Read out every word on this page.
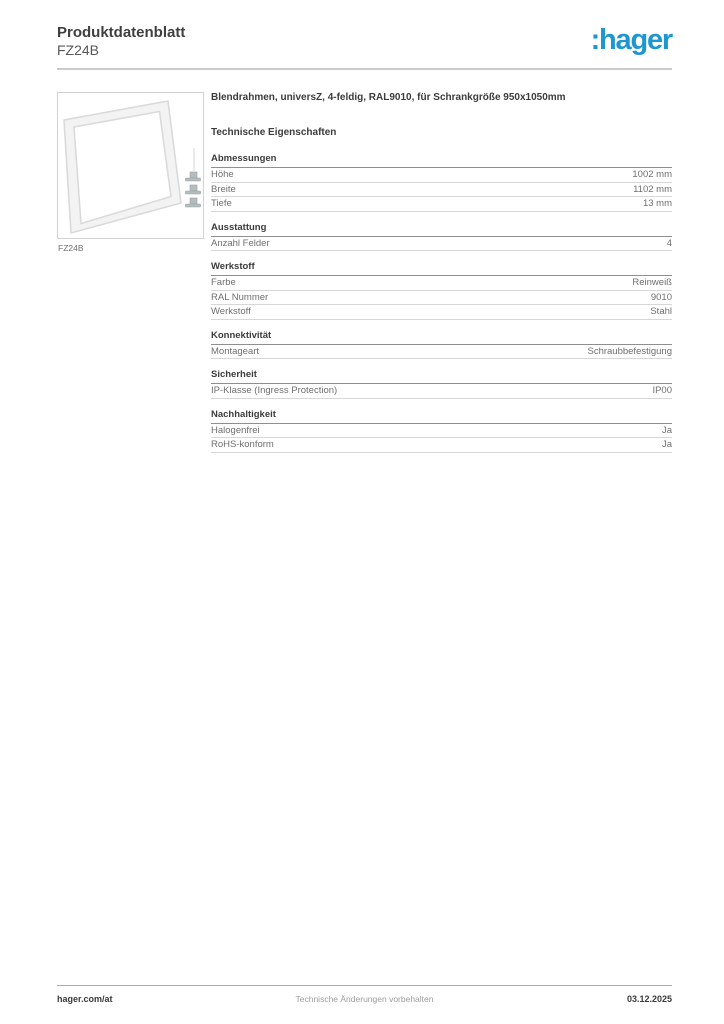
Produktdatenblatt
FZ24B	:hager
FZ24B
Blendrahmen, universZ, 4-feldig, RAL9010, für Schrankgröße 950x1050mm
Technische Eigenschaften
Abmessungen
Höhe	1002 mm
Breite	1102 mm
Tiefe	13 mm
Ausstattung
Anzahl Felder	4
Werkstoff
Farbe	Reinweiß
RAL Nummer	9010
Werkstoff	Stahl
Konnektivität
Montageart	Schraubbefestigung
Sicherheit
IP-Klasse (Ingress Protection)	IP00
Nachhaltigkeit
Halogenfrei	Ja
RoHS-konform	Ja
hager.com/at	Technische Änderungen vorbehalten	03.12.2025
